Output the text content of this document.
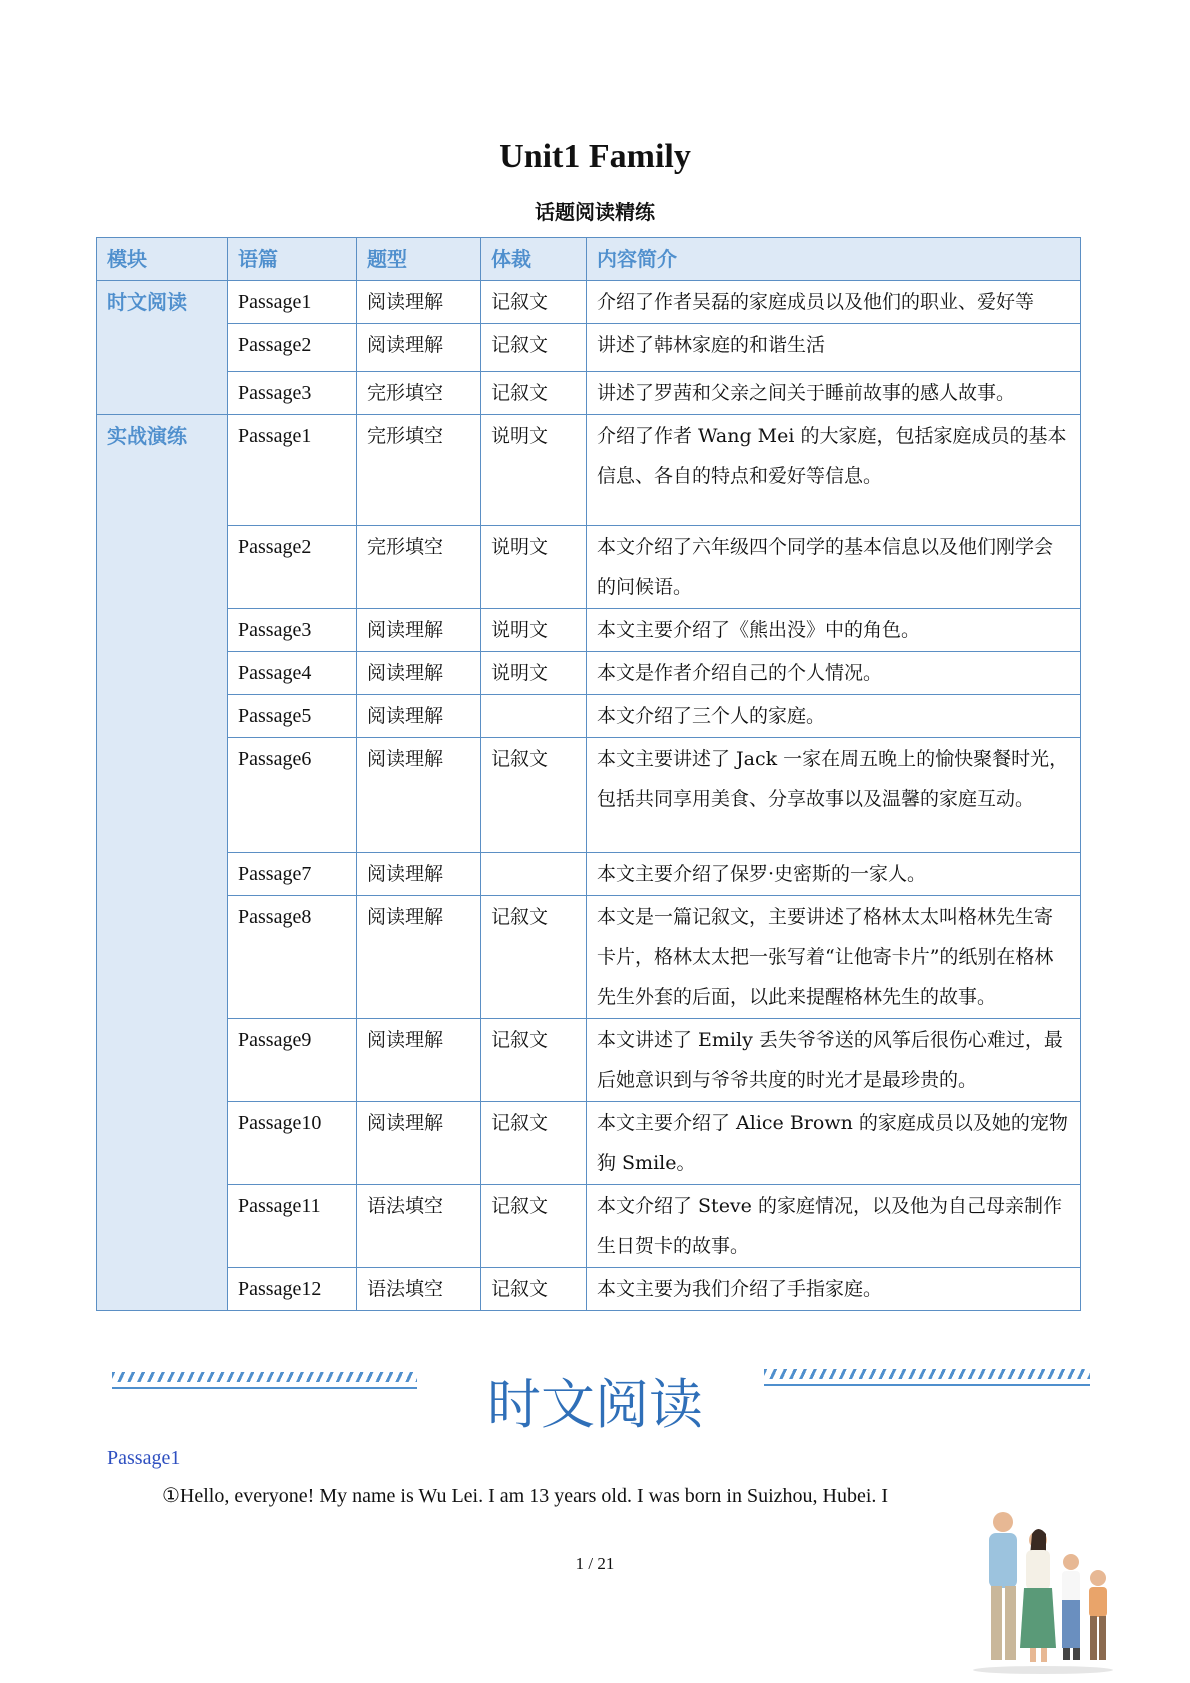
Unit1 Family
话题阅读精练
模块	语篇	题型	体裁	内容简介
时文阅读	Passage1	阅读理解	记叙文	介绍了作者吴磊的家庭成员以及他们的职业、爱好等
	Passage2	阅读理解	记叙文	讲述了韩林家庭的和谐生活
	Passage3	完形填空	记叙文	讲述了罗茜和父亲之间关于睡前故事的感人故事。
实战演练	Passage1	完形填空	说明文	介绍了作者 Wang Mei 的大家庭，包括家庭成员的基本信息、各自的特点和爱好等信息。
	Passage2	完形填空	说明文	本文介绍了六年级四个同学的基本信息以及他们刚学会的问候语。
	Passage3	阅读理解	说明文	本文主要介绍了《熊出没》中的角色。
	Passage4	阅读理解	说明文	本文是作者介绍自己的个人情况。
	Passage5	阅读理解		本文介绍了三个人的家庭。
	Passage6	阅读理解	记叙文	本文主要讲述了 Jack 一家在周五晚上的愉快聚餐时光，包括共同享用美食、分享故事以及温馨的家庭互动。
	Passage7	阅读理解		本文主要介绍了保罗·史密斯的一家人。
	Passage8	阅读理解	记叙文	本文是一篇记叙文，主要讲述了格林太太叫格林先生寄卡片，格林太太把一张写着“让他寄卡片”的纸别在格林先生外套的后面，以此来提醒格林先生的故事。
	Passage9	阅读理解	记叙文	本文讲述了 Emily 丢失爷爷送的风筝后很伤心难过，最后她意识到与爷爷共度的时光才是最珍贵的。
	Passage10	阅读理解	记叙文	本文主要介绍了 Alice Brown 的家庭成员以及她的宠物狗 Smile。
	Passage11	语法填空	记叙文	本文介绍了 Steve 的家庭情况，以及他为自己母亲制作生日贺卡的故事。
	Passage12	语法填空	记叙文	本文主要为我们介绍了手指家庭。
时文阅读
Passage1
①Hello, everyone! My name is Wu Lei. I am 13 years old. I was born in Suizhou, Hubei. I
1 / 21
